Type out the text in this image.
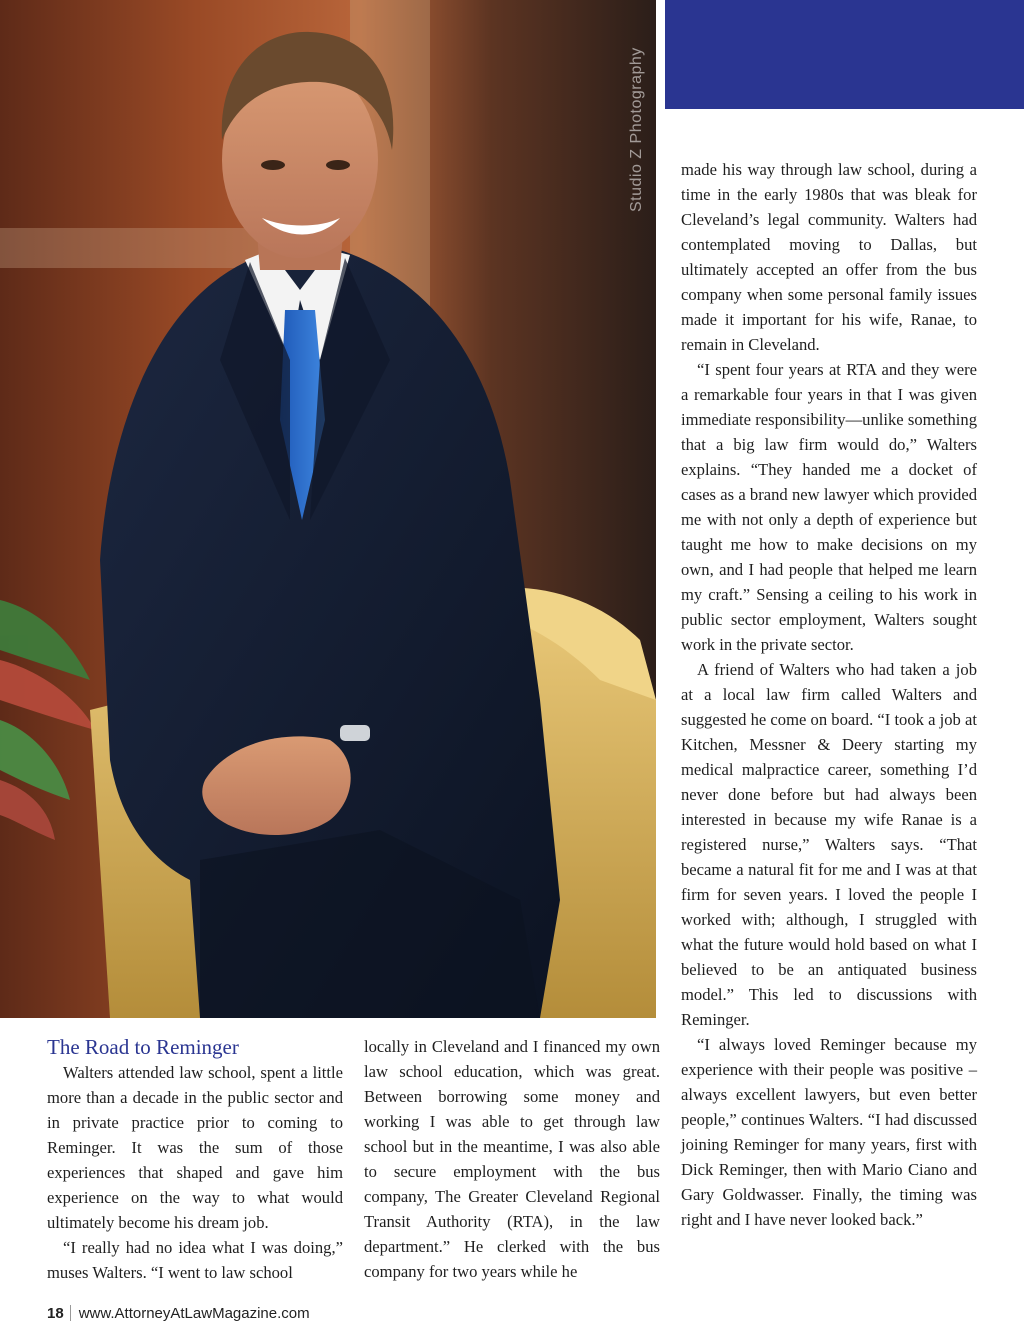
Studio Z Photography	made his way through law school, during a time in the early 1980s that was bleak for Cleveland’s legal community. Walters had contemplated moving to Dallas, but ultimately accepted an offer from the bus company when some personal family issues made it important for his wife, Ranae, to remain in Cleveland.

“I spent four years at RTA and they were a remarkable four years in that I was given immediate responsibility—unlike something that a big law firm would do,” Walters explains. “They handed me a docket of cases as a brand new lawyer which provided me with not only a depth of experience but taught me how to make decisions on my own, and I had people that helped me learn my craft.” Sensing a ceiling to his work in public sector employment, Walters sought work in the private sector.

A friend of Walters who had taken a job at a local law firm called Walters and suggested he come on board. “I took a job at Kitchen, Messner & Deery starting my medical malpractice career, something I’d never done before but had always been interested in because my wife Ranae is a registered nurse,” Walters says. “That became a natural fit for me and I was at that firm for seven years. I loved the people I worked with; although, I struggled with what the future would hold based on what I believed to be an antiquated business model.” This led to discussions with Reminger.

“I always loved Reminger because my experience with their people was positive – always excellent lawyers, but even better people,” continues Walters. “I had discussed joining Reminger for many years, first with Dick Reminger, then with Mario Ciano and Gary Goldwasser. Finally, the timing was right and I have never looked back.”

The Road to Reminger

Walters attended law school, spent a little more than a decade in the public sector and in private practice prior to coming to Reminger. It was the sum of those experiences that shaped and gave him experience on the way to what would ultimately become his dream job.

“I really had no idea what I was doing,” muses Walters. “I went to law school

locally in Cleveland and I financed my own law school education, which was great. Between borrowing some money and working I was able to get through law school but in the meantime, I was also able to secure employment with the bus company, The Greater Cleveland Regional Transit Authority (RTA), in the law department.” He clerked with the bus company for two years while he

18 www.AttorneyAtLawMagazine.com
